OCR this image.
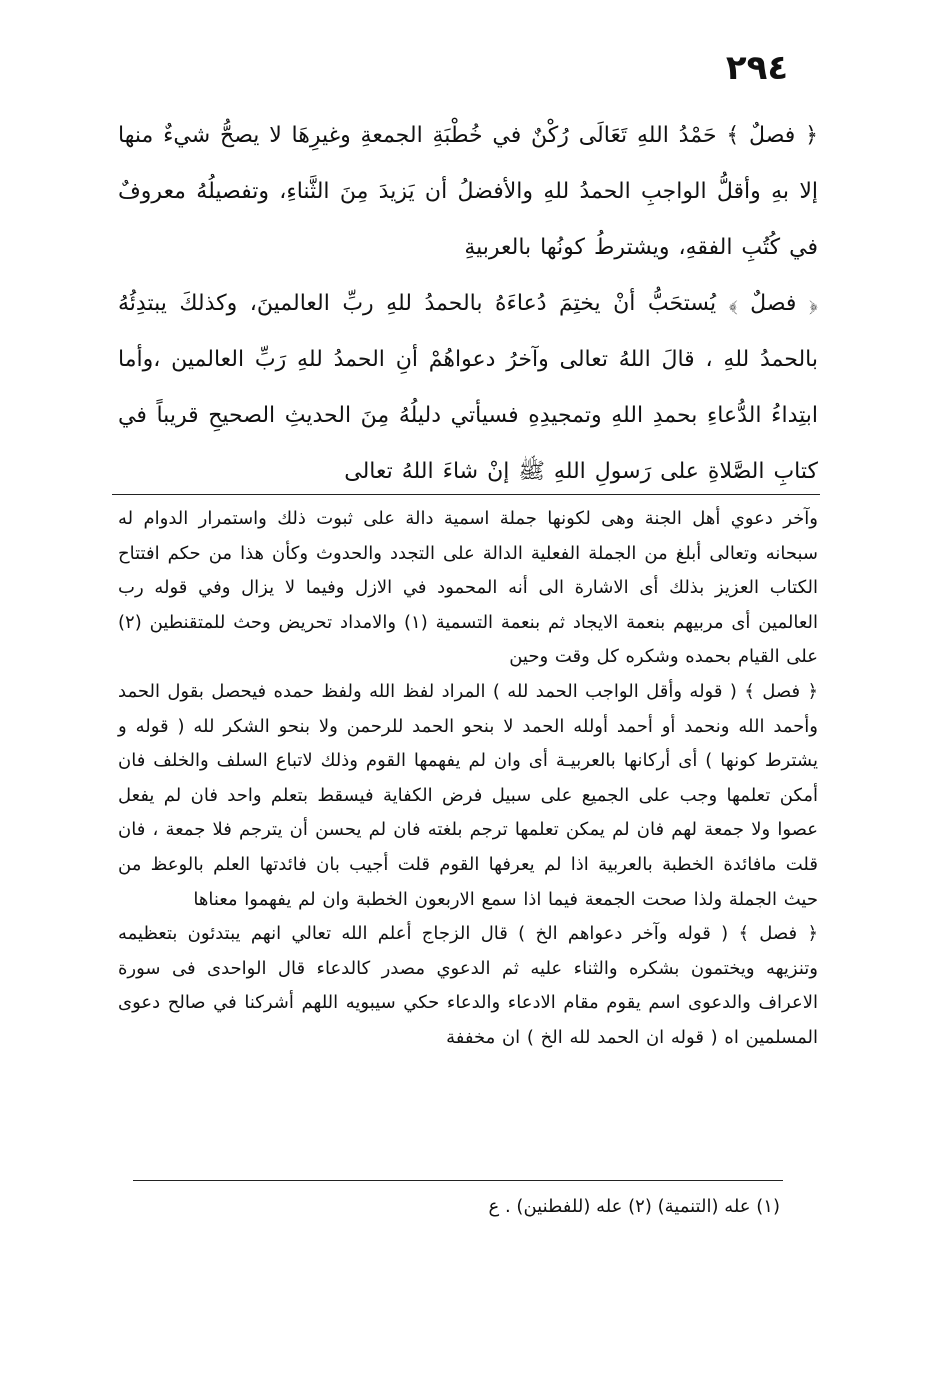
٢٩٤

﴿ فصلٌ ﴾ حَمْدُ اللهِ تَعَالَى رُكْنٌ في خُطْبَةِ الجمعةِ وغيرِهَا لا يصحُّ شيءٌ منها إلا بهِ وأقلُّ الواجبِ الحمدُ للهِ والأفضلُ أن يَزيدَ مِنَ الثَّناءِ، وتفصيلُهُ معروفٌ في كُتُبِ الفقهِ، ويشترطُ كونُها بالعربيةِ

﴿ فصلٌ ﴾ يُستحَبُّ أنْ يختِمَ دُعاءَهُ بالحمدُ للهِ ربِّ العالمينَ، وكذلكَ يبتدِئُهُ بالحمدُ للهِ ، قالَ اللهُ تعالى وآخرُ دعواهُمْ أنِ الحمدُ للهِ رَبِّ العالمين ،وأما ابتِداءُ الدُّعاءِ بحمدِ اللهِ وتمجيدِهِ فسيأتي دليلُهُ مِنَ الحديثِ الصحيحِ قريباً في كتابِ الصَّلاةِ على رَسولِ اللهِ ﷺ إنْ شاءَ اللهُ تعالى

وآخر دعوي أهل الجنة وهى لكونها جملة اسمية دالة على ثبوت ذلك واستمرار الدوام له سبحانه وتعالى أبلغ من الجملة الفعلية الدالة على التجدد والحدوث وكأن هذا من حكم افتتاح الكتاب العزيز بذلك أى الاشارة الى أنه المحمود في الازل وفيما لا يزال وفي قوله رب العالمين أى مربيهم بنعمة الايجاد ثم بنعمة التسمية (١) والامداد تحريض وحث للمتقنطين (٢) على القيام بحمده وشكره كل وقت وحين

﴿ فصل ﴾ ( قوله وأقل الواجب الحمد لله ) المراد لفظ الله ولفظ حمده فيحصل بقول الحمد وأحمد الله ونحمد أو أحمد أولله الحمد لا بنحو الحمد للرحمن ولا بنحو الشكر لله ( قوله و يشترط كونها ) أى أركانها بالعربيـة أى وان لم يفهمها القوم وذلك لاتباع السلف والخلف فان أمكن تعلمها وجب على الجميع على سبيل فرض الكفاية فيسقط بتعلم واحد فان لم يفعل عصوا ولا جمعة لهم فان لم يمكن تعلمها ترجم بلغته فان لم يحسن أن يترجم فلا جمعة ، فان قلت مافائدة الخطبة بالعربية اذا لم يعرفها القوم قلت أجيب بان فائدتها العلم بالوعظ من حيث الجملة ولذا صحت الجمعة فيما اذا سمع الاربعون الخطبة وان لم يفهموا معناها

﴿ فصل ﴾ ( قوله وآخر دعواهم الخ ) قال الزجاج أعلم الله تعالي انهم يبتدئون بتعظيمه وتنزيهه ويختمون بشكره والثناء عليه ثم الدعوي مصدر كالدعاء قال الواحدى فى سورة الاعراف والدعوى اسم يقوم مقام الادعاء والدعاء حكي سيبويه اللهم أشركنا في صالح دعوى المسلمين اه ( قوله ان الحمد لله الخ ) ان مخففة

(١) عله (التنمية) (٢) عله (للفطنين) . ع
